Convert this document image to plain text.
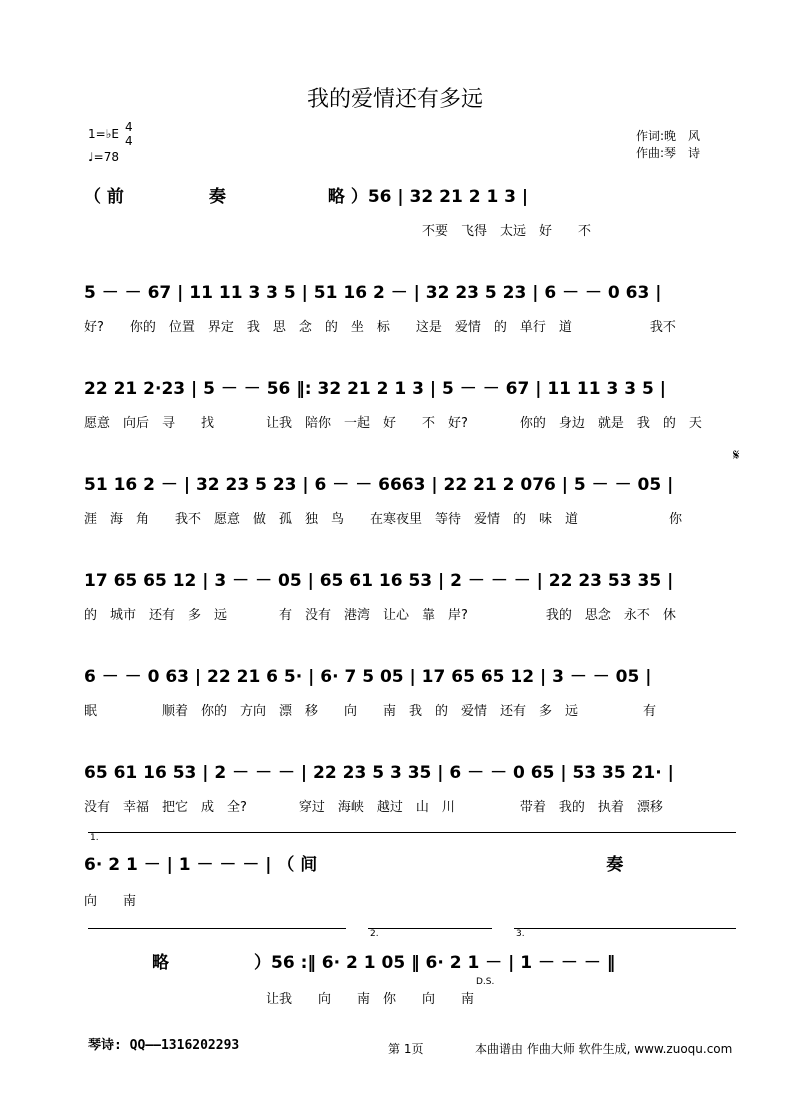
我的爱情还有多远
1=♭E 4
4
♩=78
作词:晚　风
作曲:琴　诗
（ 前　　　　　奏　　　　　　略 ）56 | 32 21 2 1 3 |
　　　　　　　　　　　　　　　　　　　　　　　　　　不要　飞得　太远　好　　不
5 － － 67 | 11 11 3 3 5 | 51 16 2 － | 32 23 5 23 | 6 － － 0 63 |
好?　　你的　位置　界定　我　思　念　的　坐　标　　这是　爱情　的　单行　道　　　　　　我不
22 21 2·23 | 5 － － 56 ‖: 32 21 2 1 3 | 5 － － 67 | 11 11 3 3 5 |
愿意　向后　寻　　找　　　　让我　陪你　一起　好　　不　好?　　　　你的　身边　就是　我　的　天
51 16 2 － | 32 23 5 23 | 6 － － 6663 | 22 21 2 076 | 5 － － 05 |
涯　海　角　　我不　愿意　做　孤　独　鸟　　在寒夜里　等待　爱情　的　味　道　　　　　　　你
𝄋
17 65 65 12 | 3 － － 05 | 65 61 16 53 | 2 － － － | 22 23 53 35 |
的　城市　还有　多　远　　　　有　没有　港湾　让心　靠　岸?　　　　　　我的　思念　永不　休
6 － － 0 63 | 22 21 6 5· | 6· 7 5 05 | 17 65 65 12 | 3 － － 05 |
眠　　　　　顺着　你的　方向　漂　移　　向　　南　我　的　爱情　还有　多　远　　　　　有
65 61 16 53 | 2 － － － | 22 23 5 3 35 | 6 － － 0 65 | 53 35 21· |
没有　幸福　把它　成　全?　　　　穿过　海峡　越过　山　川　　　　　带着　我的　执着　漂移
1.
6· 2 1 － | 1 － － － | （ 间　　　　　　　　　　　　　　　　　奏
向　　南
2.	3.
　　　　略　　　　　）56 :‖ 6· 2 1 05 ‖ 6· 2 1 － | 1 － － － ‖
　　　　　　　　　　　　　　让我　　向　　南　你　　向　　南
D.S.
琴诗: QQ——1316202293	第 1页	本曲谱由 作曲大师 软件生成, www.zuoqu.com
